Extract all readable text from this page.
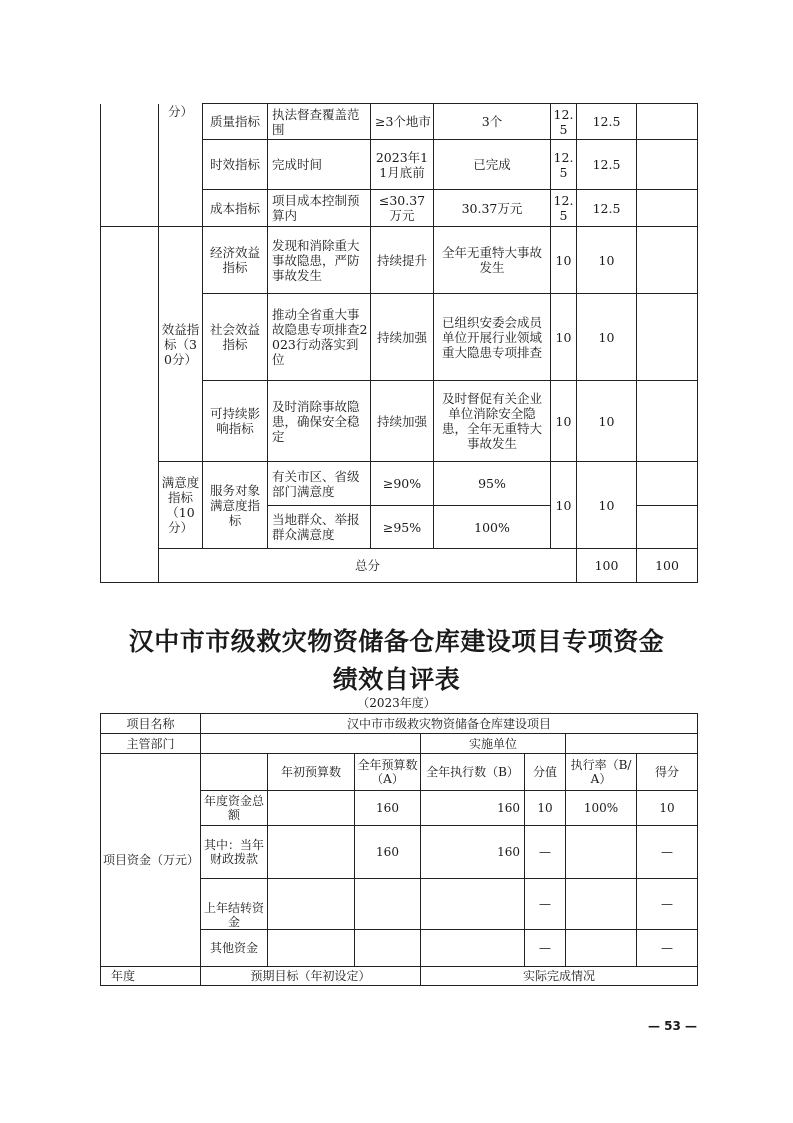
	分）	质量指标	执法督查覆盖范围	≥3个地市	3个	12.5	12.5		
		时效指标	完成时间	2023年11月底前	已完成	12.5	12.5		
		成本指标	项目成本控制预算内	≤30.37万元	30.37万元	12.5	12.5		
	效益指标（30分）	经济效益指标	发现和消除重大事故隐患，严防事故发生	持续提升	全年无重特大事故发生	10	10		
		社会效益指标	推动全省重大事故隐患专项排查2023行动落实到位	持续加强	已组织安委会成员单位开展行业领域重大隐患专项排查	10	10		
		可持续影响指标	及时消除事故隐患，确保安全稳定	持续加强	及时督促有关企业单位消除安全隐患，全年无重特大事故发生	10	10		
	满意度指标（10分）	服务对象满意度指标	有关市区、省级部门满意度	≥90%	95%	10	10		
			当地群众、举报群众满意度	≥95%	100%				
	总分						100	100	
汉中市市级救灾物资储备仓库建设项目专项资金
绩效自评表
（2023年度）
项目名称	汉中市市级救灾物资储备仓库建设项目						
主管部门				实施单位			
项目资金（万元）		年初预算数	全年预算数（A）	全年执行数（B）	分值	执行率（B/A）	得分
	年度资金总额		160	160	10	100%	10
	其中：当年财政拨款		160	160	—		—
	上年结转资金				—		—
	其他资金				—		—
年度	预期目标（年初设定）			实际完成情况			
— 53 —
